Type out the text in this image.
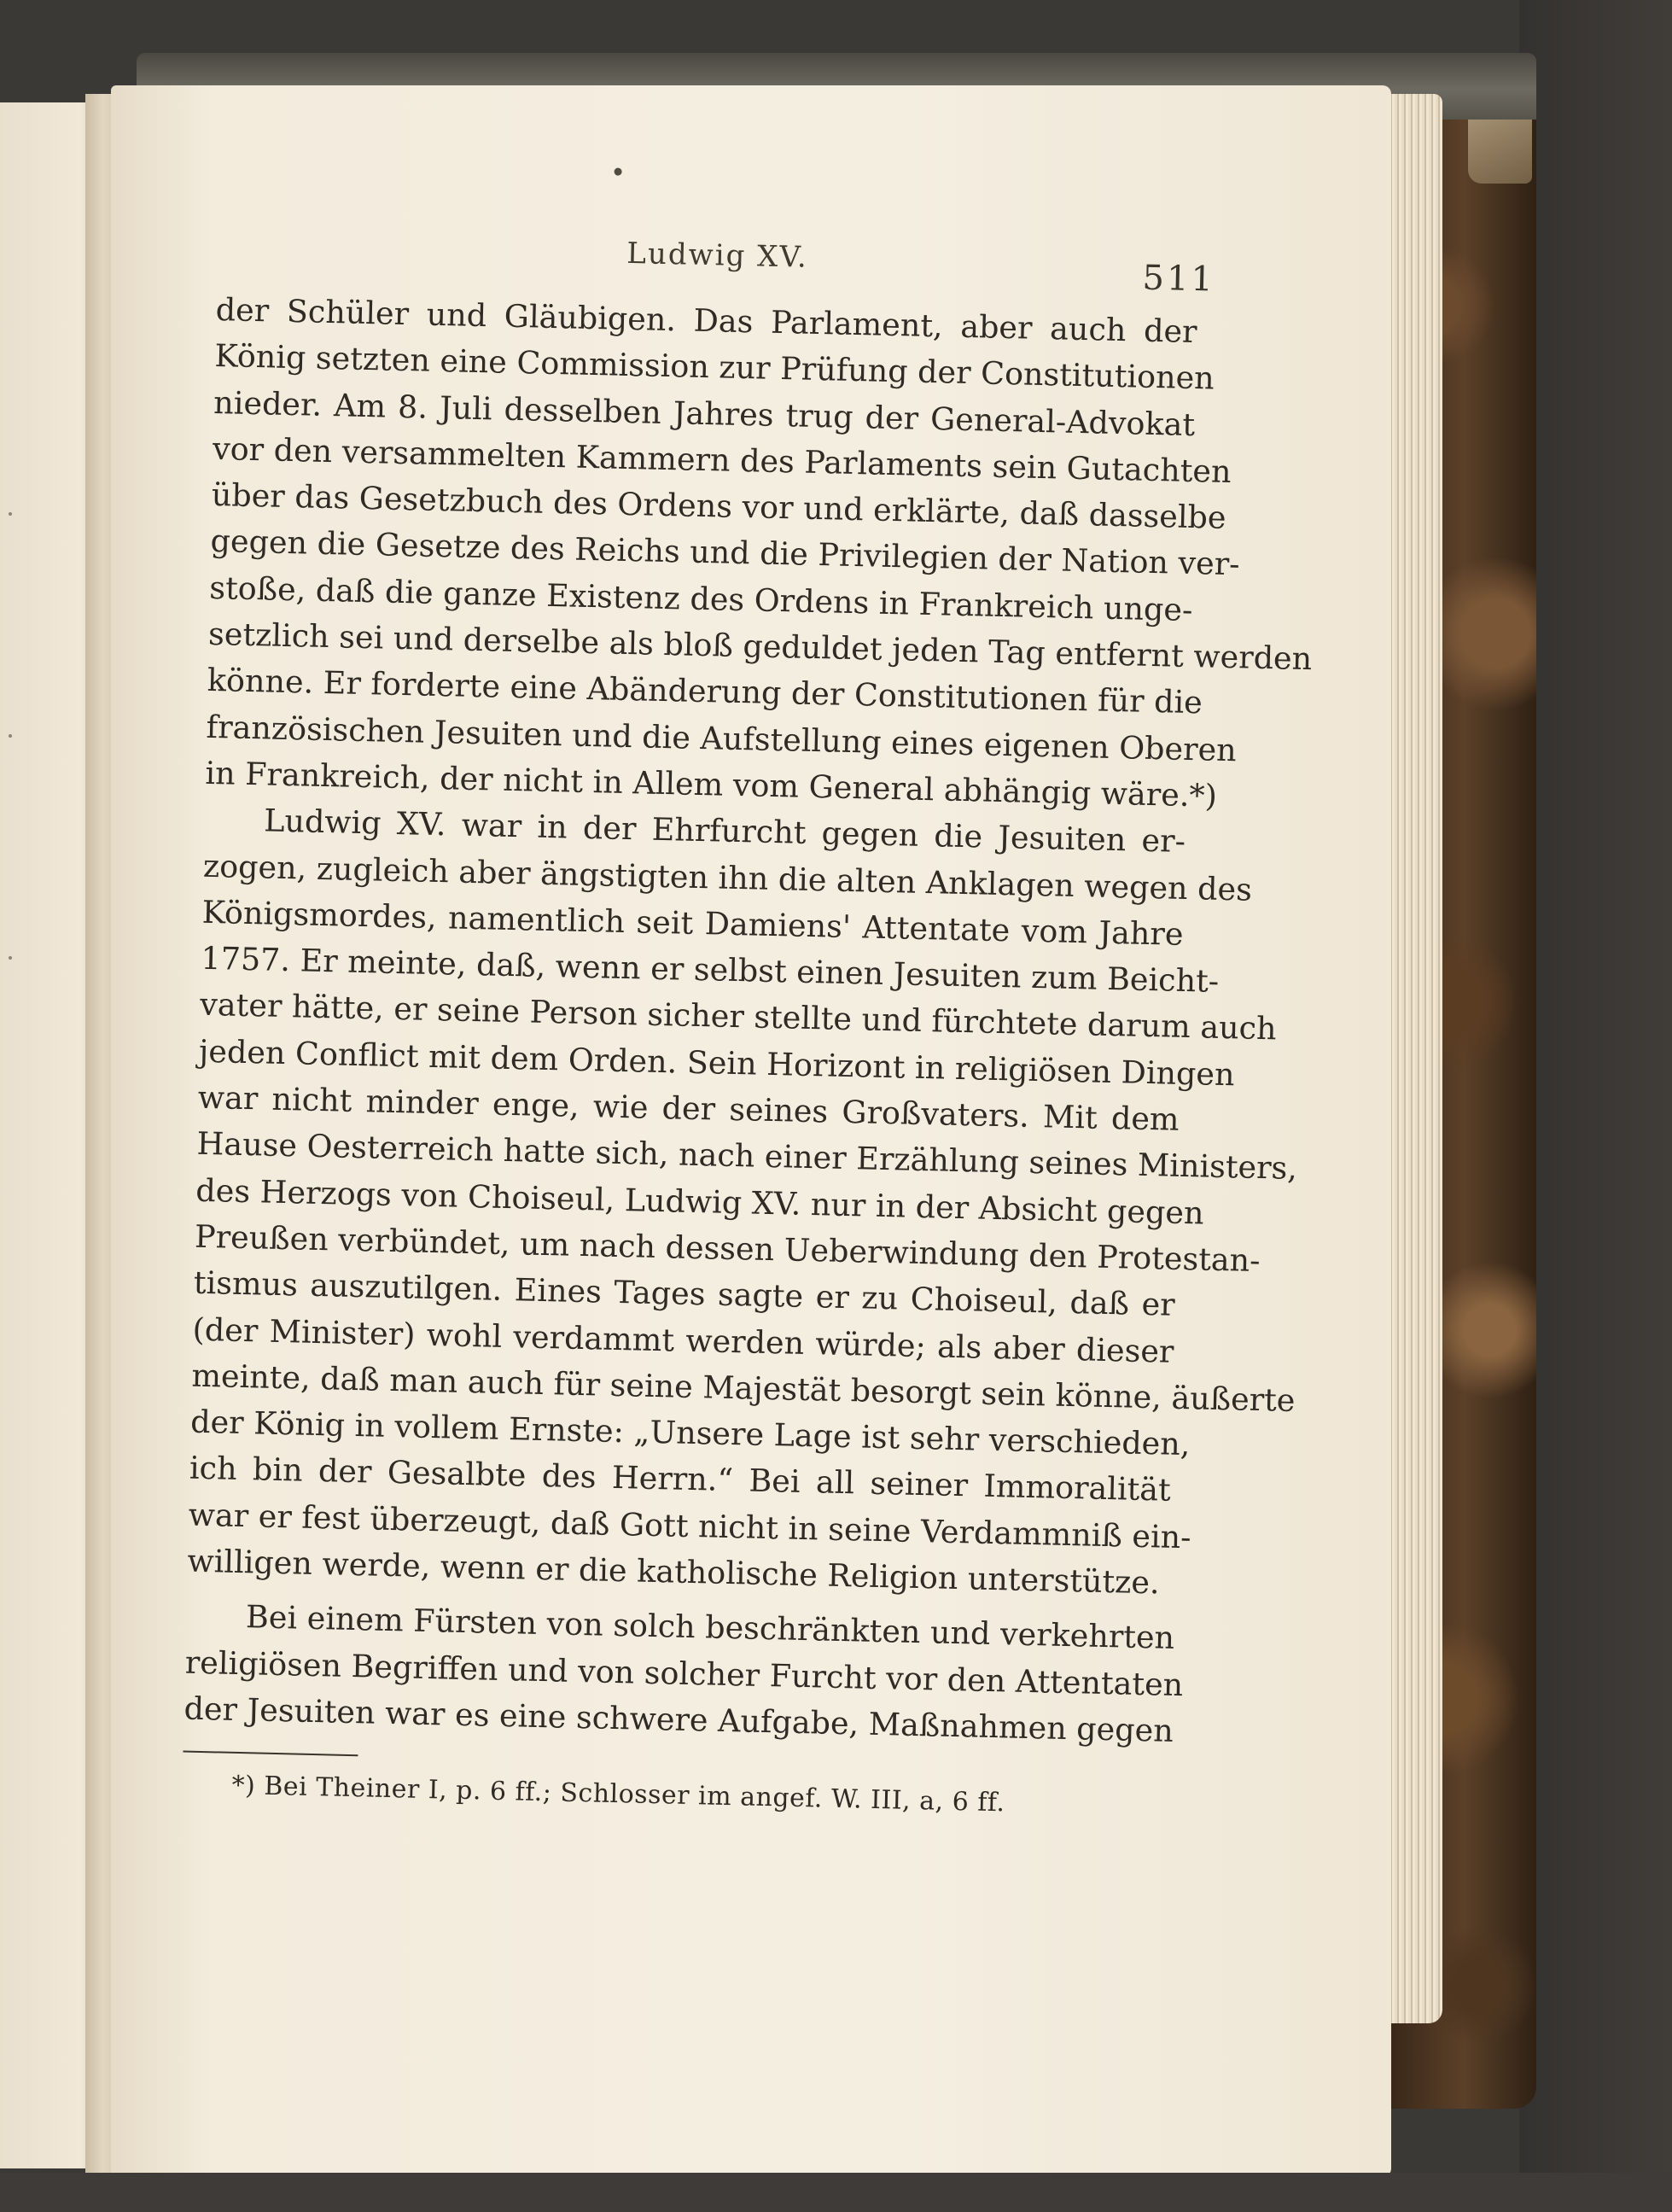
Ludwig XV.
511
der Schüler und Gläubigen. Das Parlament, aber auch der
König setzten eine Commission zur Prüfung der Constitutionen
nieder. Am 8. Juli desselben Jahres trug der General-Advokat
vor den versammelten Kammern des Parlaments sein Gutachten
über das Gesetzbuch des Ordens vor und erklärte, daß dasselbe
gegen die Gesetze des Reichs und die Privilegien der Nation ver-
stoße, daß die ganze Existenz des Ordens in Frankreich unge-
setzlich sei und derselbe als bloß geduldet jeden Tag entfernt werden
könne. Er forderte eine Abänderung der Constitutionen für die
französischen Jesuiten und die Aufstellung eines eigenen Oberen
in Frankreich, der nicht in Allem vom General abhängig wäre.*)
Ludwig XV. war in der Ehrfurcht gegen die Jesuiten er-
zogen, zugleich aber ängstigten ihn die alten Anklagen wegen des
Königsmordes, namentlich seit Damiens' Attentate vom Jahre
1757. Er meinte, daß, wenn er selbst einen Jesuiten zum Beicht-
vater hätte, er seine Person sicher stellte und fürchtete darum auch
jeden Conflict mit dem Orden. Sein Horizont in religiösen Dingen
war nicht minder enge, wie der seines Großvaters. Mit dem
Hause Oesterreich hatte sich, nach einer Erzählung seines Ministers,
des Herzogs von Choiseul, Ludwig XV. nur in der Absicht gegen
Preußen verbündet, um nach dessen Ueberwindung den Protestan-
tismus auszutilgen. Eines Tages sagte er zu Choiseul, daß er
(der Minister) wohl verdammt werden würde; als aber dieser
meinte, daß man auch für seine Majestät besorgt sein könne, äußerte
der König in vollem Ernste: „Unsere Lage ist sehr verschieden,
ich bin der Gesalbte des Herrn.“ Bei all seiner Immoralität
war er fest überzeugt, daß Gott nicht in seine Verdammniß ein-
willigen werde, wenn er die katholische Religion unterstütze.
Bei einem Fürsten von solch beschränkten und verkehrten
religiösen Begriffen und von solcher Furcht vor den Attentaten
der Jesuiten war es eine schwere Aufgabe, Maßnahmen gegen
*) Bei Theiner I, p. 6 ff.; Schlosser im angef. W. III, a, 6 ff.
